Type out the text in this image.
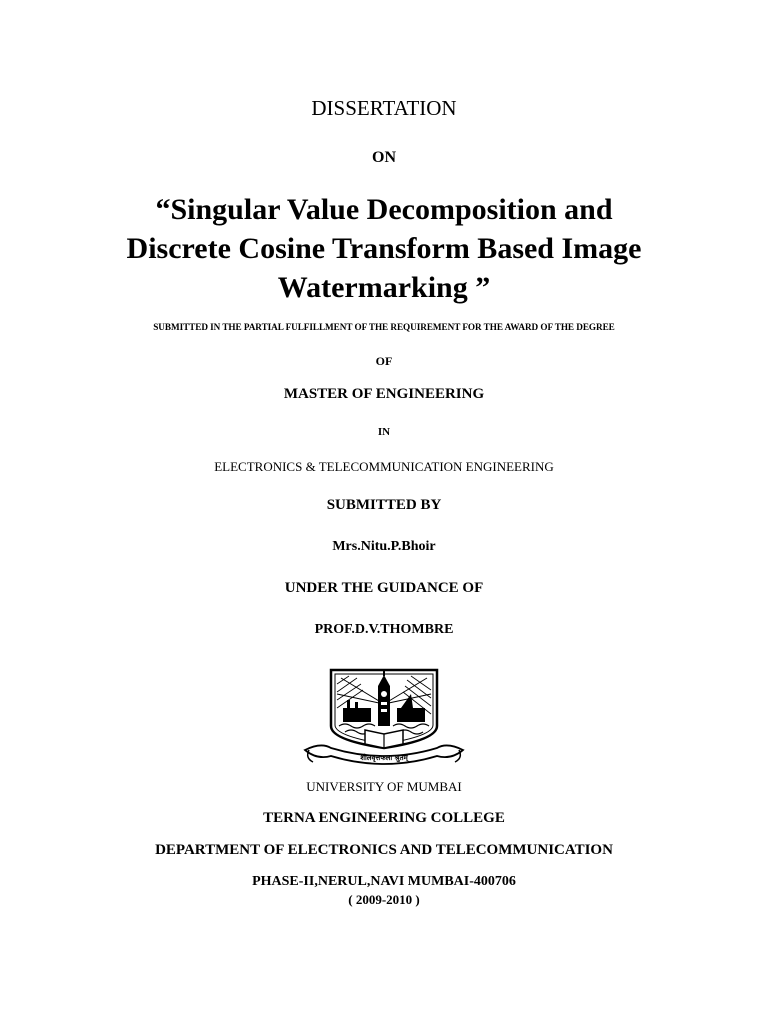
DISSERTATION
ON
“Singular Value Decomposition and
Discrete Cosine Transform Based Image
Watermarking ”
SUBMITTED IN THE PARTIAL FULFILLMENT OF THE REQUIREMENT FOR THE AWARD OF THE DEGREE
OF
MASTER OF ENGINEERING
IN
ELECTRONICS & TELECOMMUNICATION ENGINEERING
SUBMITTED BY
Mrs.Nitu.P.Bhoir
UNDER THE GUIDANCE OF
PROF.D.V.THOMBRE
शीलवृत्तफला श्रुतम्
UNIVERSITY OF MUMBAI
TERNA ENGINEERING COLLEGE
DEPARTMENT OF ELECTRONICS AND TELECOMMUNICATION
PHASE-II,NERUL,NAVI MUMBAI-400706
( 2009-2010 )
